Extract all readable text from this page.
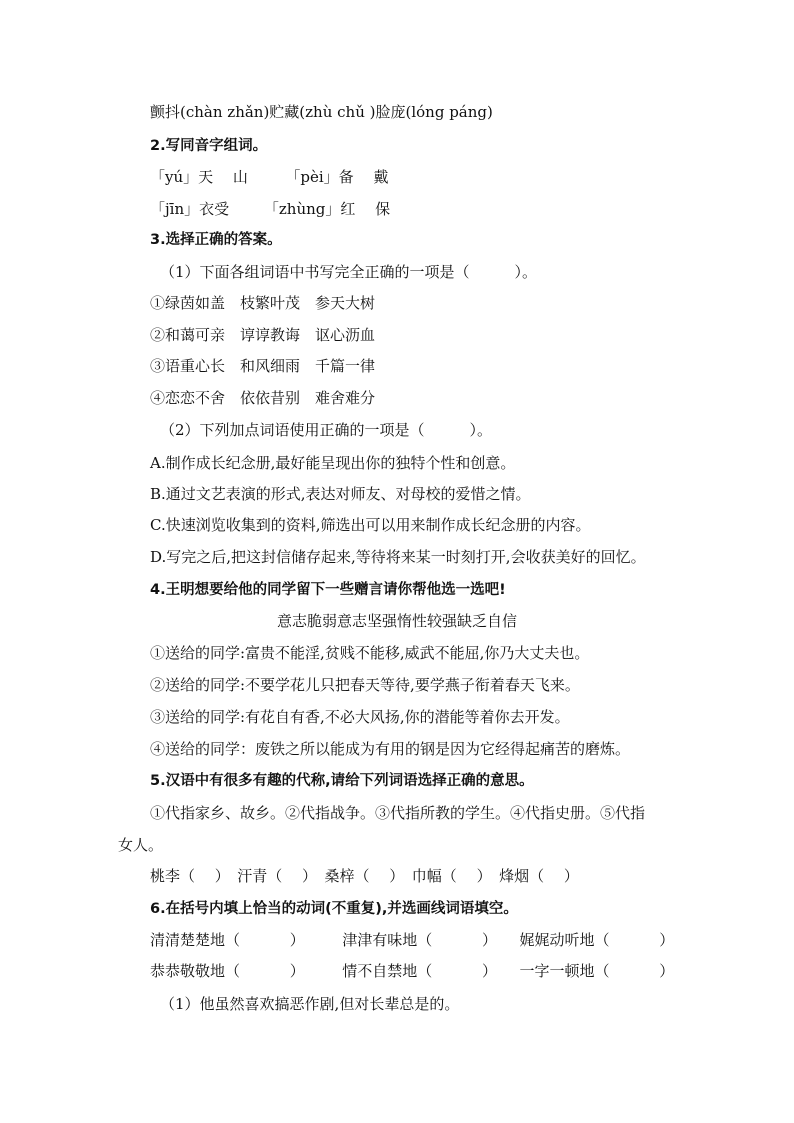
颤抖(chàn zhǎn)贮藏(zhù chǔ )脸庞(lóng páng)
2.写同音字组词。
「yú」天　 山　　　「pèi」备　 戴
「jīn」衣受　　 「zhùng」红　 保
3.选择正确的答案。
（1）下面各组词语中书写完全正确的一项是（　　　）。
①绿茵如盖　枝繁叶茂　参天大树
②和蔼可亲　谆谆教诲　讴心沥血
③语重心长　和风细雨　千篇一律
④恋恋不舍　依依昔别　难舍难分
（2）下列加点词语使用正确的一项是（　　　）。
A.制作成长纪念册,最好能呈现出你的独特个性和创意。
B.通过文艺表演的形式,表达对师友、对母校的爱惜之情。
C.快速浏览收集到的资料,筛选出可以用来制作成长纪念册的内容。
D.写完之后,把这封信储存起来,等待将来某一时刻打开,会收获美好的回忆。
4.王明想要给他的同学留下一些赠言请你帮他选一选吧!
意志脆弱意志坚强惰性较强缺乏自信
①送给的同学:富贵不能淫,贫贱不能移,威武不能屈,你乃大丈夫也。
②送给的同学:不要学花儿只把春天等待,要学燕子衔着春天飞来。
③送给的同学:有花自有香,不必大风扬,你的潜能等着你去开发。
④送给的同学：废铁之所以能成为有用的钢是因为它经得起痛苦的磨炼。
5.汉语中有很多有趣的代称,请给下列词语选择正确的意思。
①代指家乡、故乡。②代指战争。③代指所教的学生。④代指史册。⑤代指
女人。
桃李（　 ）　汗青（　 ）　桑梓（　 ）　巾幅（　 ）　烽烟（　 ）
6.在括号内填上恰当的动词(不重复),并选画线词语填空。
清清楚楚地（　　　 ）　　　津津有味地（　　　 ）　　娓娓动听地（　　　 ）
恭恭敬敬地（　　　 ）　　　情不自禁地（　　　 ）　　一字一顿地（　　　 ）
（1）他虽然喜欢搞恶作剧,但对长辈总是的。
